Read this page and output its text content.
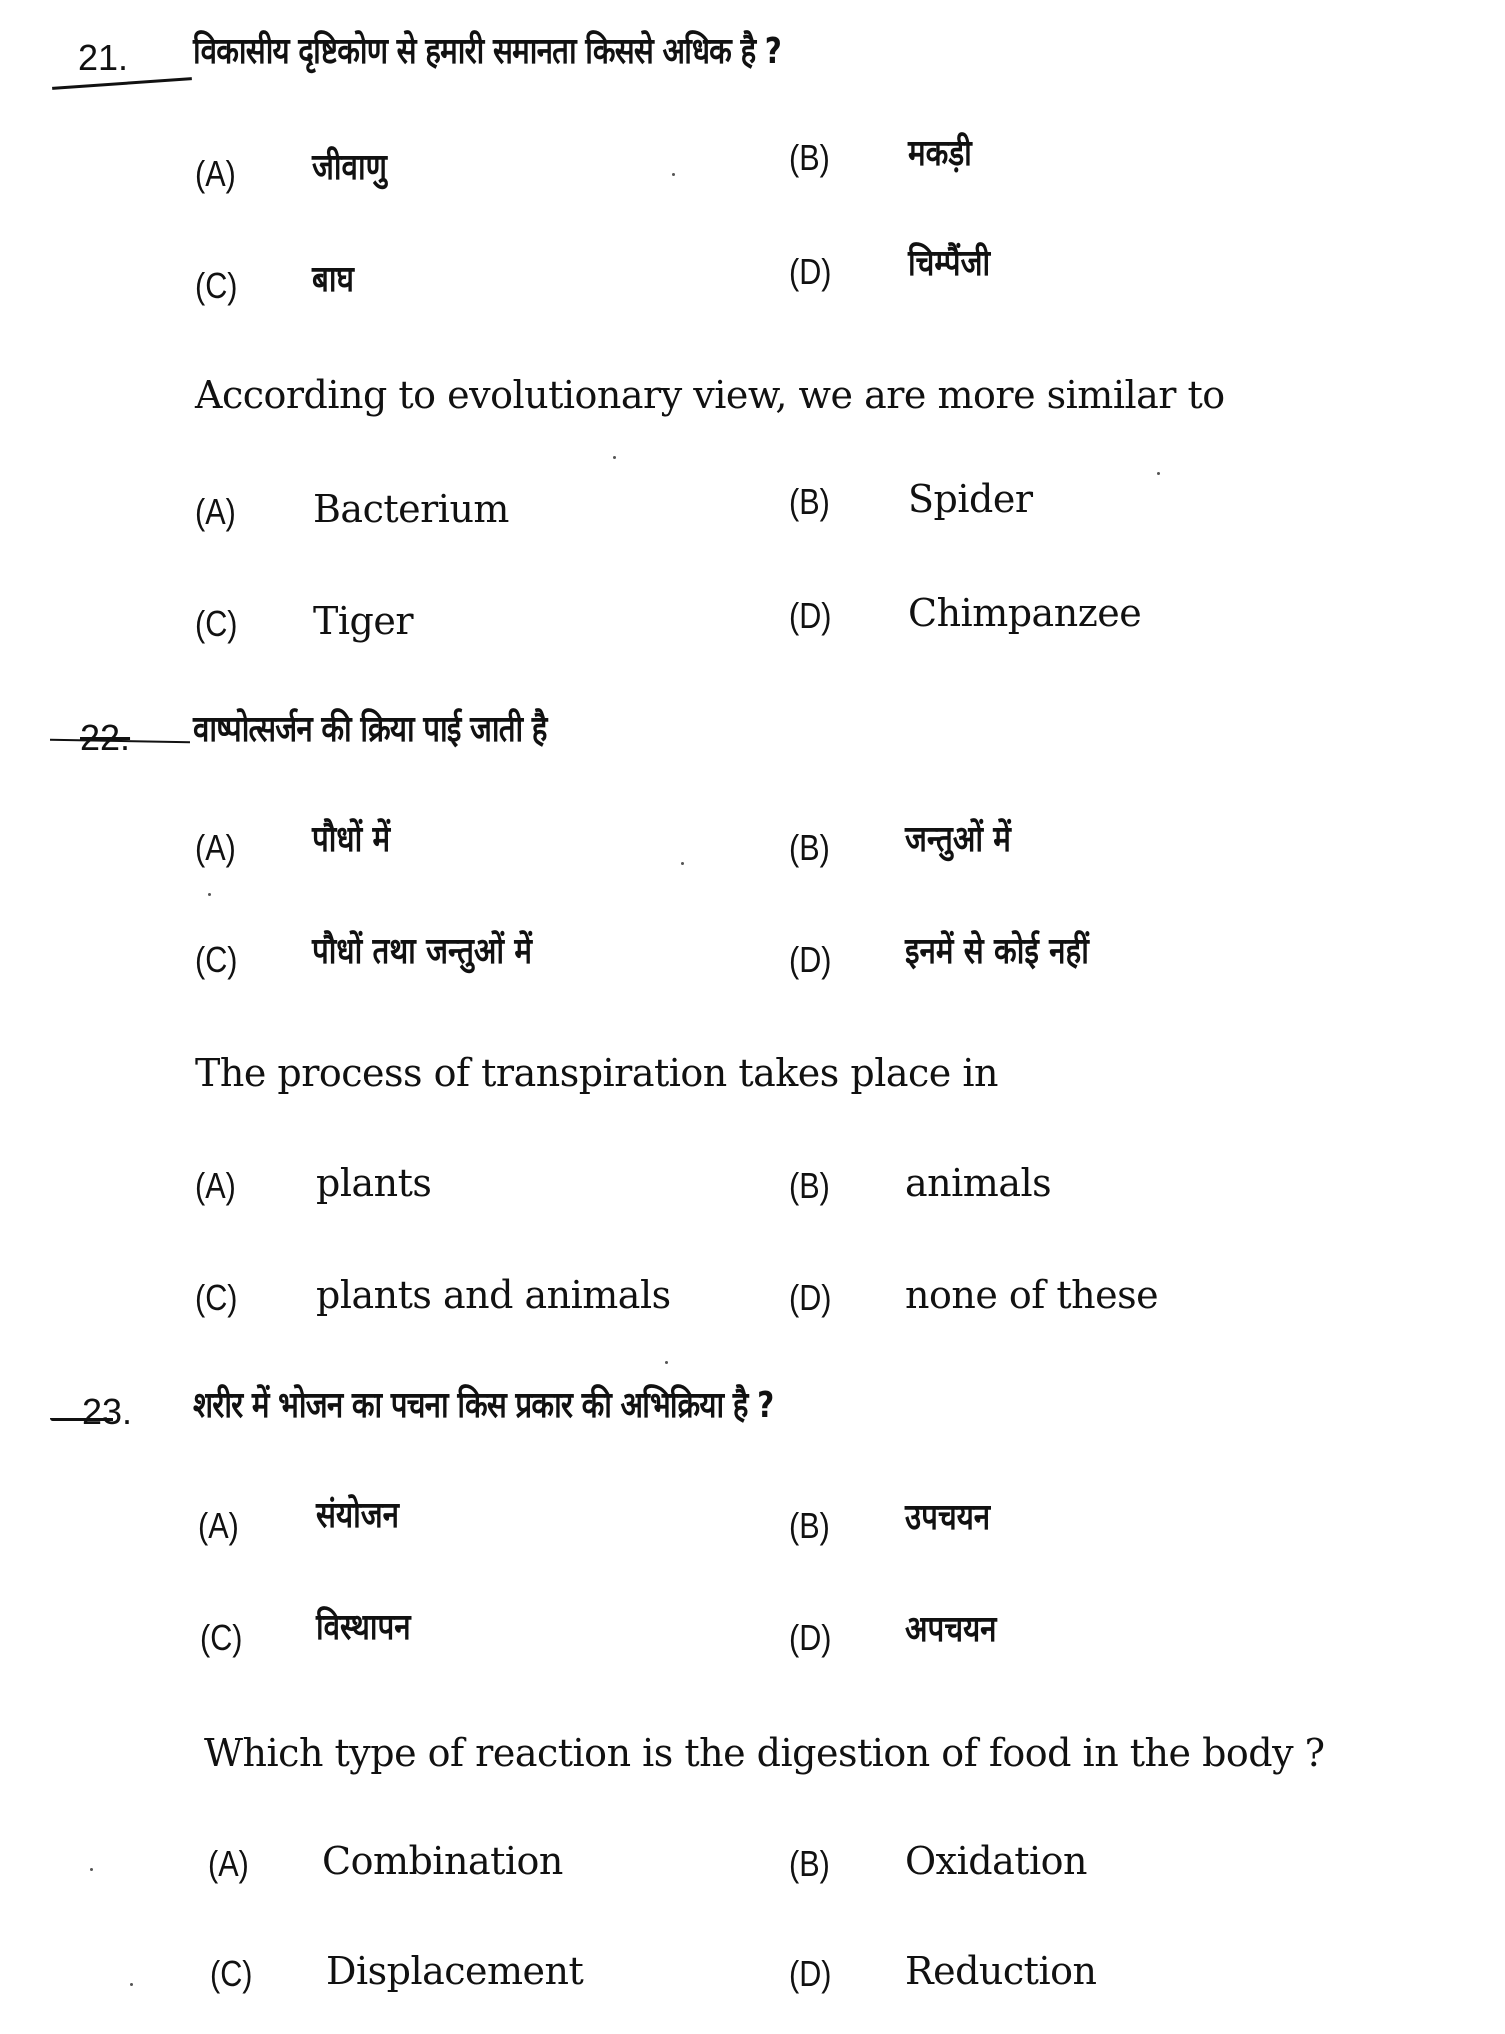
21. विकासीय दृष्टिकोण से हमारी समानता किससे अधिक है ?
(A) जीवाणु	(B) मकड़ी
(C) बाघ	(D) चिम्पैंजी
According to evolutionary view, we are more similar to
(A) Bacterium	(B) Spider
(C) Tiger	(D) Chimpanzee
22. वाष्पोत्सर्जन की क्रिया पाई जाती है
(A) पौधों में	(B) जन्तुओं में
(C) पौधों तथा जन्तुओं में	(D) इनमें से कोई नहीं
The process of transpiration takes place in
(A) plants	(B) animals
(C) plants and animals	(D) none of these
23. शरीर में भोजन का पचना किस प्रकार की अभिक्रिया है ?
(A) संयोजन	(B) उपचयन
(C) विस्थापन	(D) अपचयन
Which type of reaction is the digestion of food in the body ?
(A) Combination	(B) Oxidation
(C) Displacement	(D) Reduction
